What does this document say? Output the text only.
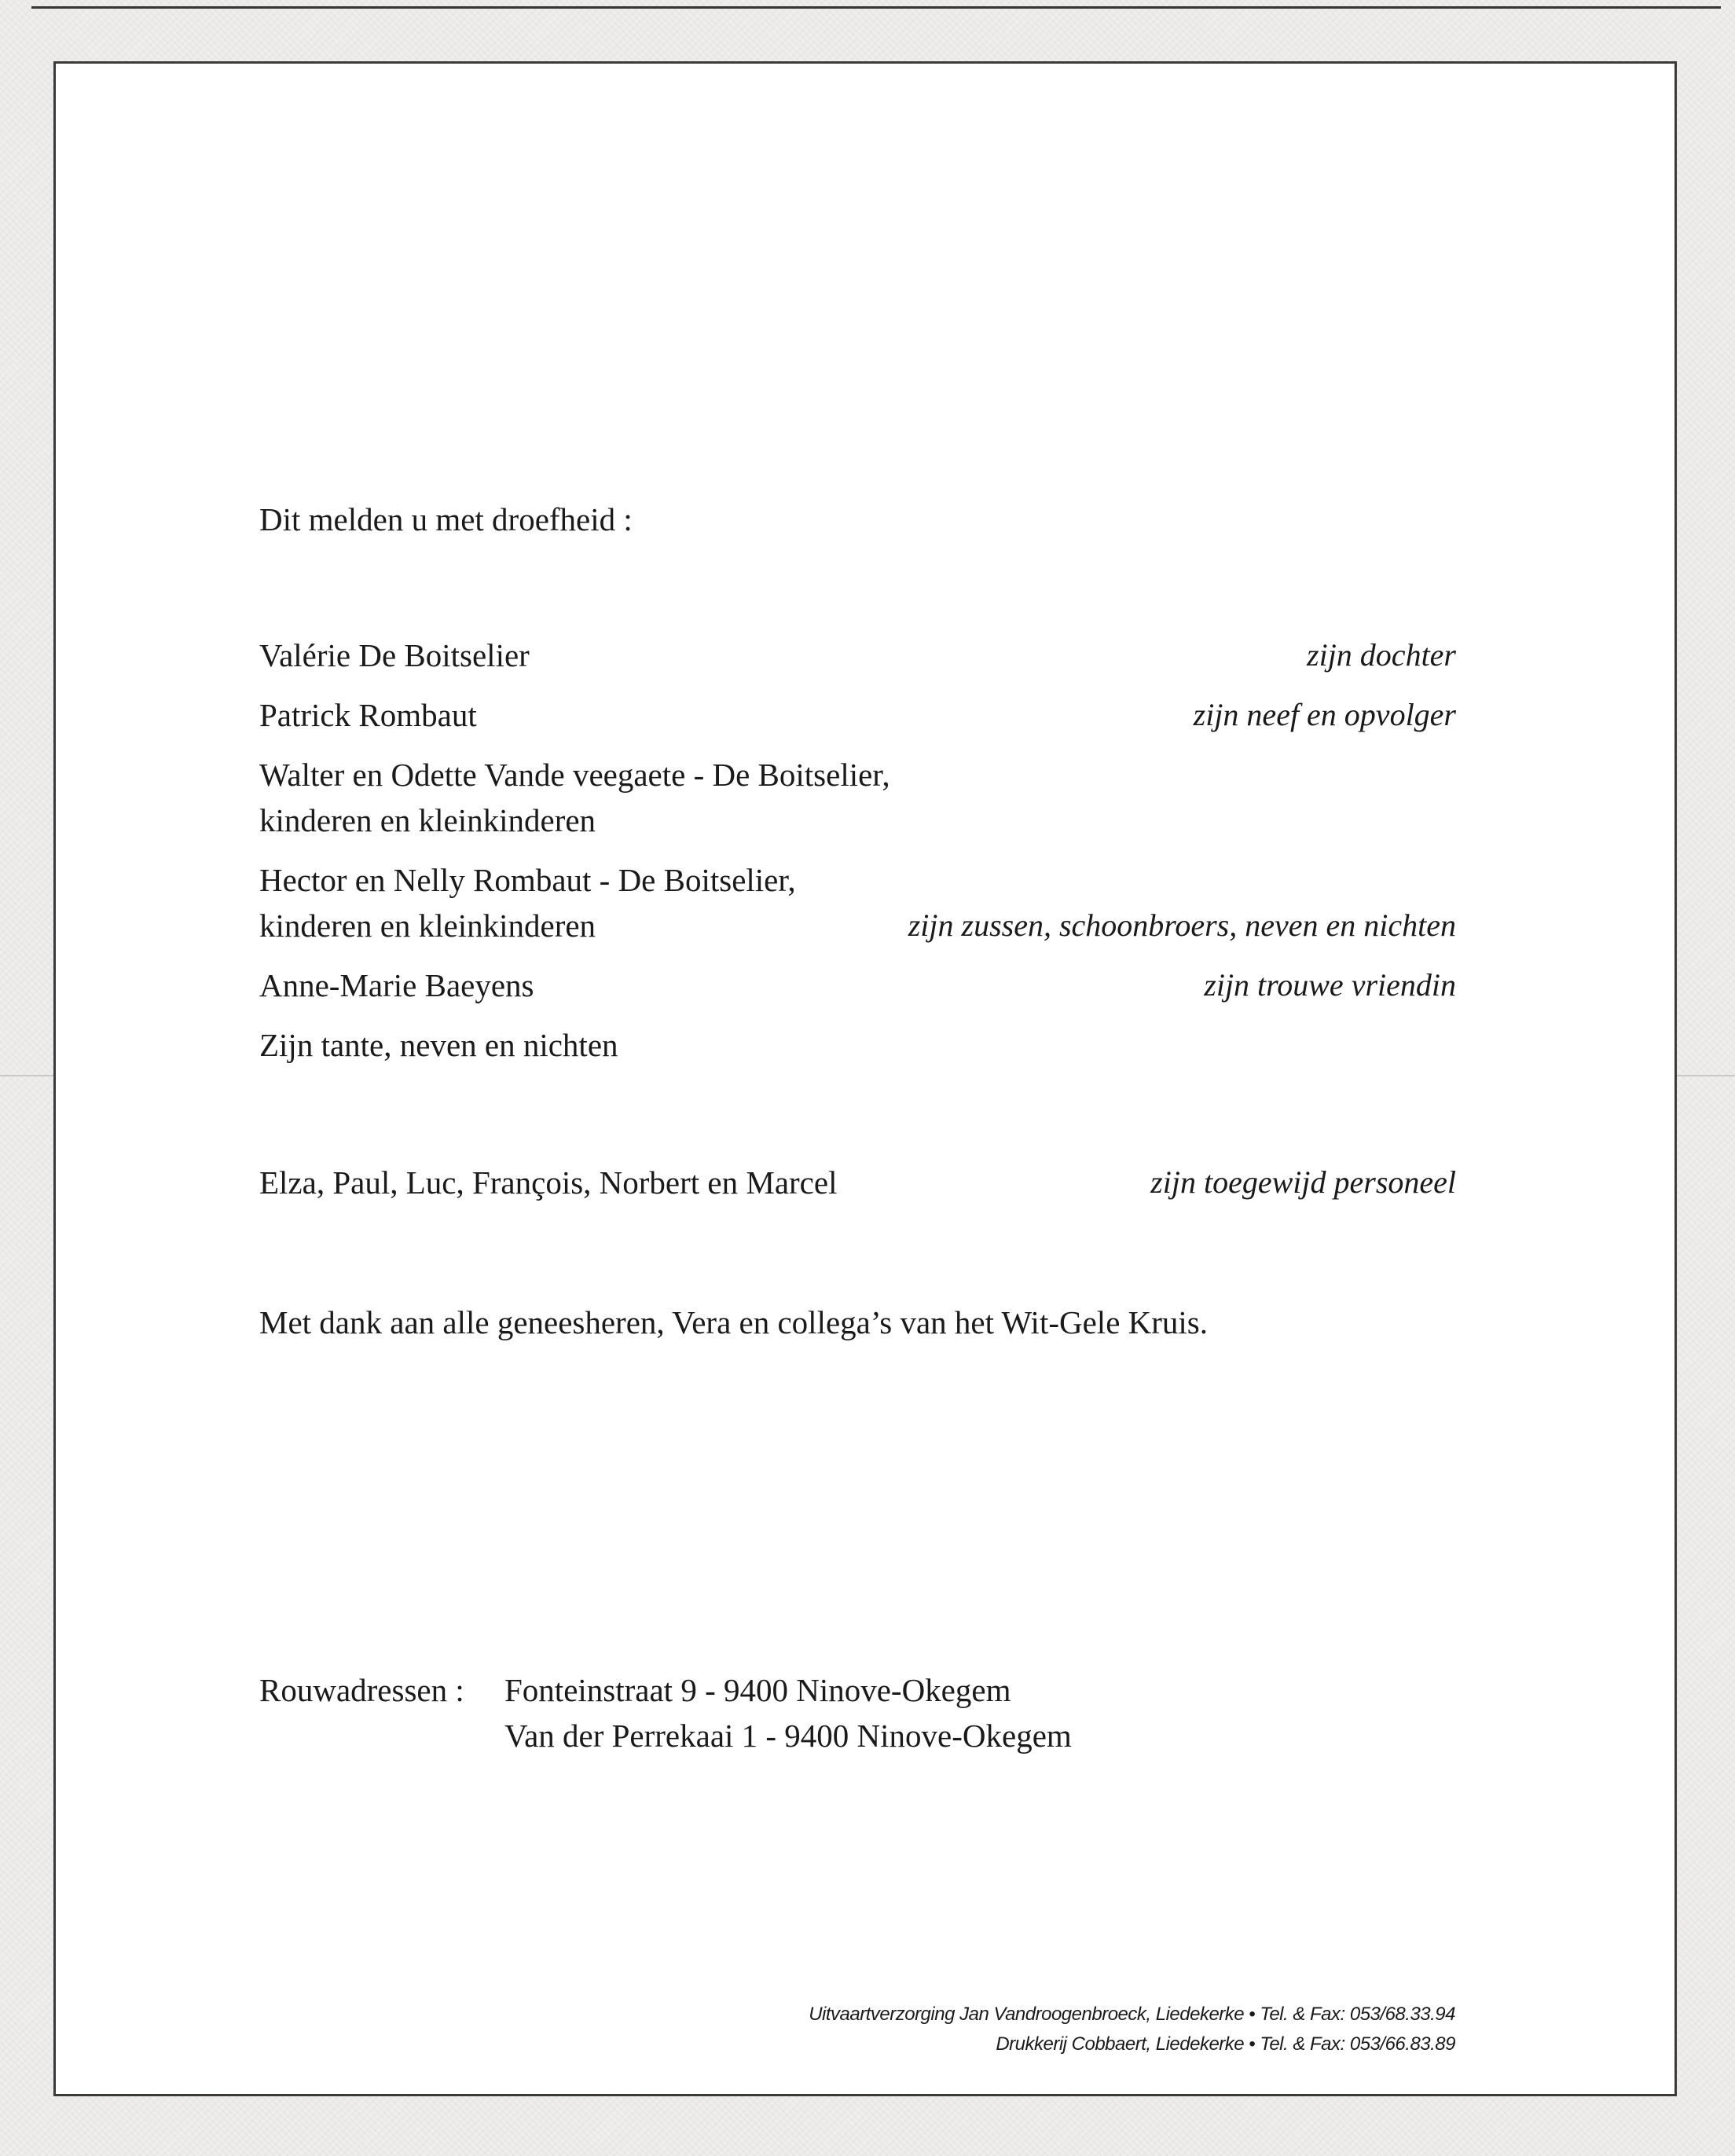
Dit melden u met droefheid :
Valérie De Boitselier	zijn dochter
Patrick Rombaut	zijn neef en opvolger
Walter en Odette Vande veegaete - De Boitselier,
kinderen en kleinkinderen
Hector en Nelly Rombaut - De Boitselier,
kinderen en kleinkinderen	zijn zussen, schoonbroers, neven en nichten
Anne-Marie Baeyens	zijn trouwe vriendin
Zijn tante, neven en nichten
Elza, Paul, Luc, François, Norbert en Marcel	zijn toegewijd personeel
Met dank aan alle geneesheren, Vera en collega’s van het Wit-Gele Kruis.
Rouwadressen : Fonteinstraat 9 - 9400 Ninove-Okegem
Van der Perrekaai 1 - 9400 Ninove-Okegem
Uitvaartverzorging Jan Vandroogenbroeck, Liedekerke • Tel. & Fax: 053/68.33.94
Drukkerij Cobbaert, Liedekerke • Tel. & Fax: 053/66.83.89
